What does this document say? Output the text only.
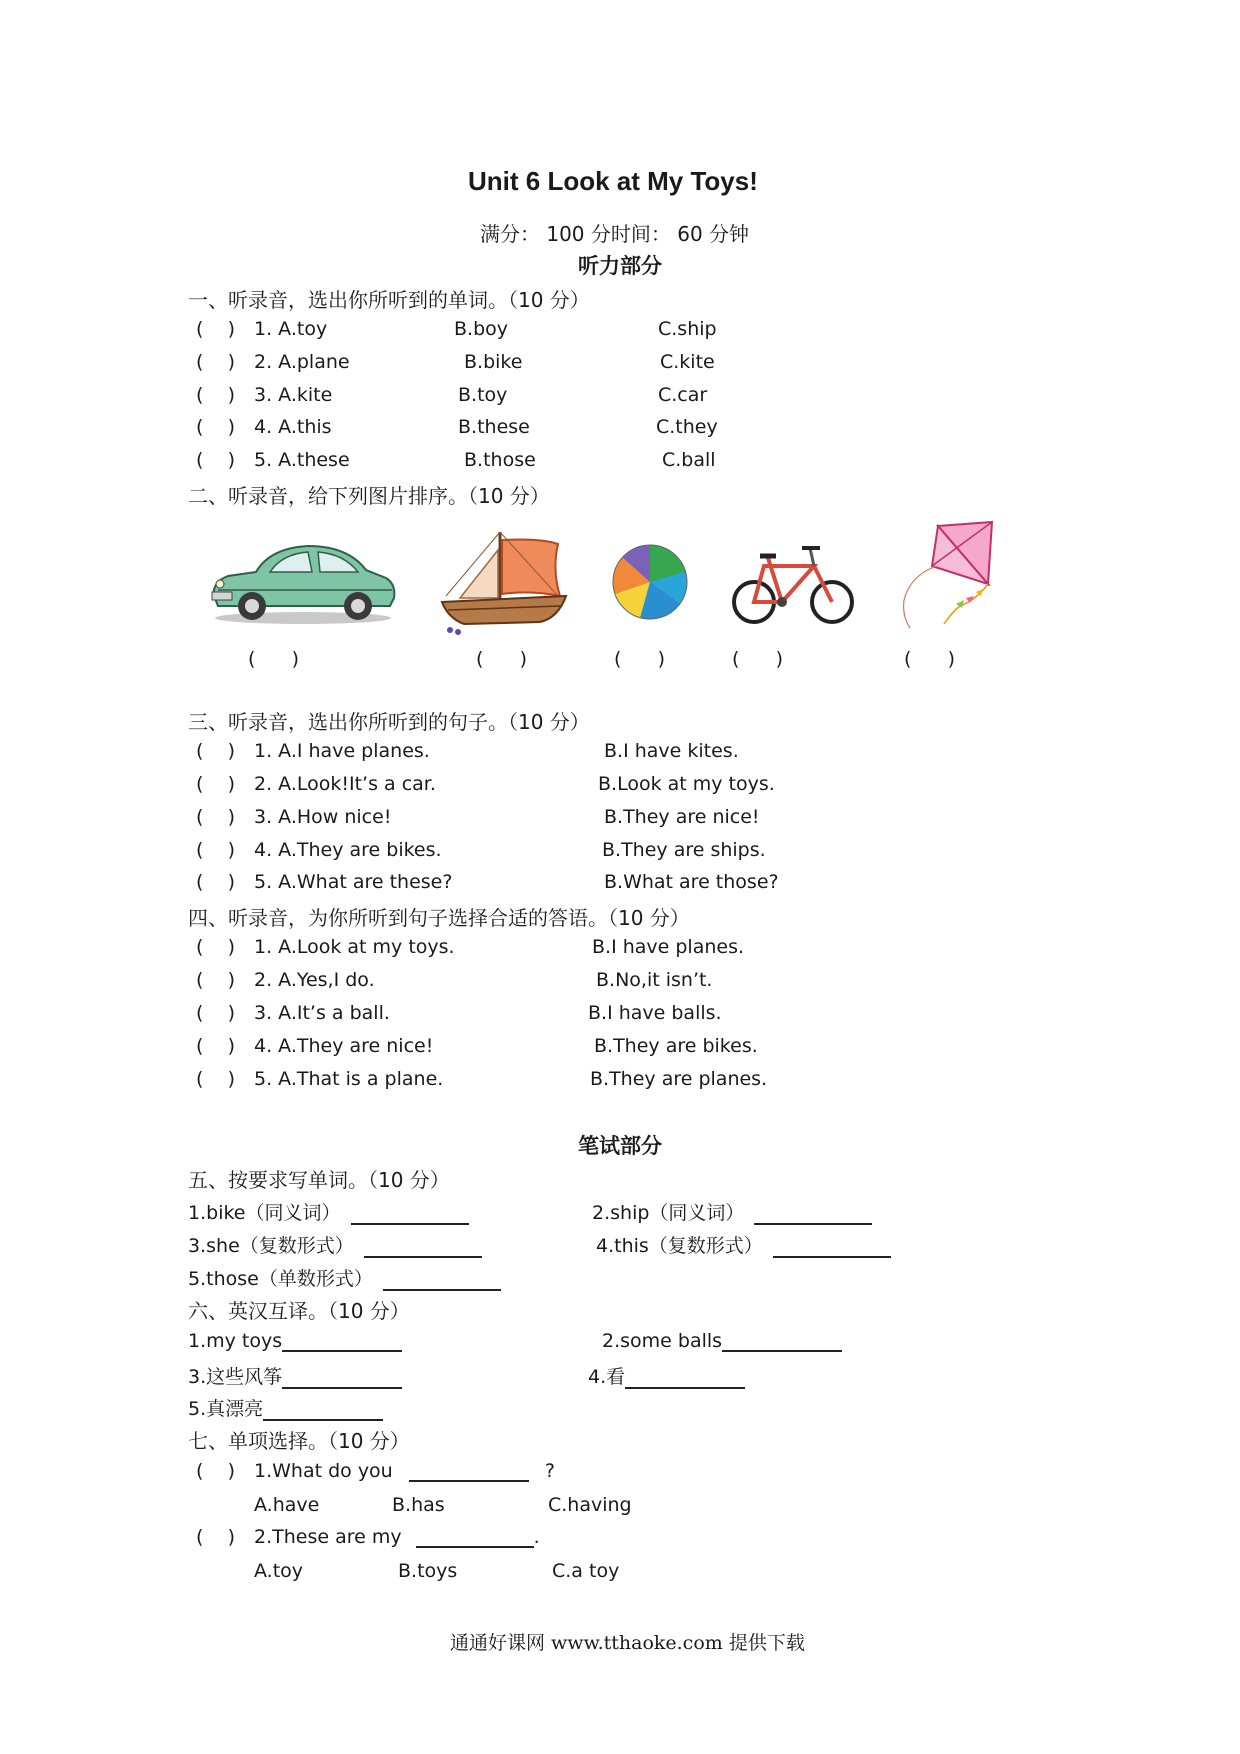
Unit 6 Look at My Toys!
满分： 100 分时间： 60 分钟
听力部分
一、听录音，选出你所听到的单词。（10 分）
(    ) 1. A.toy	B.boy	C.ship
(    ) 2. A.plane	B.bike	C.kite
(    ) 3. A.kite	B.toy	C.car
(    ) 4. A.this	B.these	C.they
(    ) 5. A.these	B.those	C.ball
二、听录音，给下列图片排序。（10 分）
(      )	(      )	(      )	(      )	(      )
三、听录音，选出你所听到的句子。（10 分）
(    ) 1. A.I have planes.	B.I have kites.
(    ) 2. A.Look!It’s a car.	B.Look at my toys.
(    ) 3. A.How nice!	B.They are nice!
(    ) 4. A.They are bikes.	B.They are ships.
(    ) 5. A.What are these?	B.What are those?
四、听录音，为你所听到句子选择合适的答语。（10 分）
(    ) 1. A.Look at my toys.	B.I have planes.
(    ) 2. A.Yes,I do.	B.No,it isn’t.
(    ) 3. A.It’s a ball.	B.I have balls.
(    ) 4. A.They are nice!	B.They are bikes.
(    ) 5. A.That is a plane.	B.They are planes.
笔试部分
五、按要求写单词。（10 分）
1.bike（同义词）	2.ship（同义词）
3.she（复数形式）	4.this（复数形式）
5.those（单数形式）
六、英汉互译。（10 分）
1.my toys	2.some balls
3.这些风筝	4.看
5.真漂亮
七、单项选择。（10 分）
(    ) 1.What do you	?
A.have	B.has	C.having
(    ) 2.These are my	.
A.toy	B.toys	C.a toy
通通好课网 www.tthaoke.com 提供下载
